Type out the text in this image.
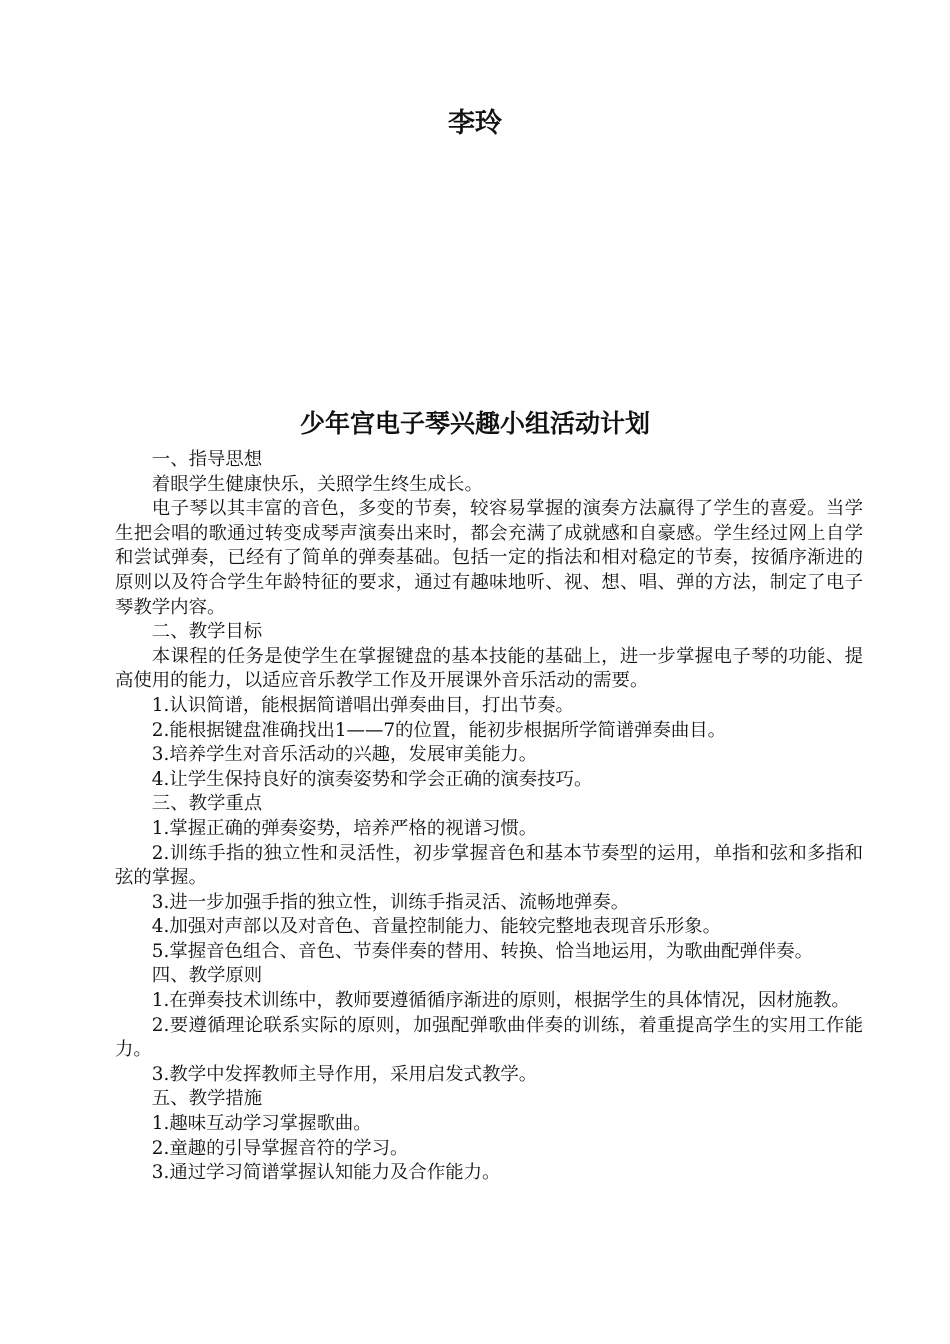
李玲
少年宫电子琴兴趣小组活动计划

一、指导思想

着眼学生健康快乐，关照学生终生成长。

电子琴以其丰富的音色，多变的节奏，较容易掌握的演奏方法赢得了学生的喜爱。当学生把会唱的歌通过转变成琴声演奏出来时，都会充满了成就感和自豪感。学生经过网上自学和尝试弹奏，已经有了简单的弹奏基础。包括一定的指法和相对稳定的节奏，按循序渐进的原则以及符合学生年龄特征的要求，通过有趣味地听、视、想、唱、弹的方法，制定了电子琴教学内容。

二、教学目标

本课程的任务是使学生在掌握键盘的基本技能的基础上，进一步掌握电子琴的功能、提高使用的能力，以适应音乐教学工作及开展课外音乐活动的需要。

1.认识简谱，能根据简谱唱出弹奏曲目，打出节奏。

2.能根据键盘准确找出1——7的位置，能初步根据所学简谱弹奏曲目。

3.培养学生对音乐活动的兴趣，发展审美能力。

4.让学生保持良好的演奏姿势和学会正确的演奏技巧。

三、教学重点

1.掌握正确的弹奏姿势，培养严格的视谱习惯。

2.训练手指的独立性和灵活性，初步掌握音色和基本节奏型的运用，单指和弦和多指和弦的掌握。

3.进一步加强手指的独立性，训练手指灵活、流畅地弹奏。

4.加强对声部以及对音色、音量控制能力、能较完整地表现音乐形象。

5.掌握音色组合、音色、节奏伴奏的替用、转换、恰当地运用，为歌曲配弹伴奏。

四、教学原则

1.在弹奏技术训练中，教师要遵循循序渐进的原则，根据学生的具体情况，因材施教。

2.要遵循理论联系实际的原则，加强配弹歌曲伴奏的训练，着重提高学生的实用工作能力。

3.教学中发挥教师主导作用，采用启发式教学。

五、教学措施

1.趣味互动学习掌握歌曲。

2.童趣的引导掌握音符的学习。

3.通过学习简谱掌握认知能力及合作能力。
